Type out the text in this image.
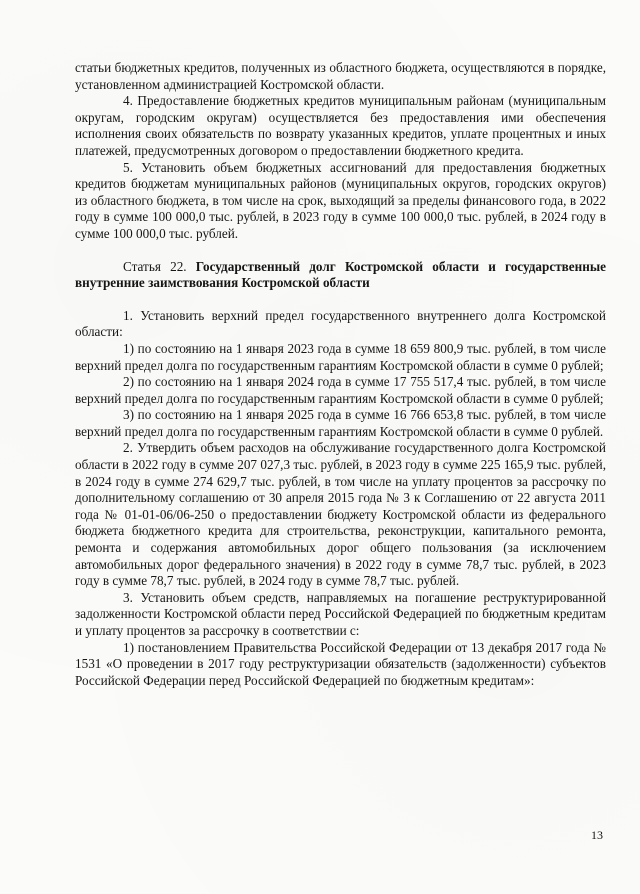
статьи бюджетных кредитов, полученных из областного бюджета, осуществляются в порядке, установленном администрацией Костромской области.

4. Предоставление бюджетных кредитов муниципальным районам (муниципальным округам, городским округам) осуществляется без предоставления ими обеспечения исполнения своих обязательств по возврату указанных кредитов, уплате процентных и иных платежей, предусмотренных договором о предоставлении бюджетного кредита.

5. Установить объем бюджетных ассигнований для предоставления бюджетных кредитов бюджетам муниципальных районов (муниципальных округов, городских округов) из областного бюджета, в том числе на срок, выходящий за пределы финансового года, в 2022 году в сумме 100 000,0 тыс. рублей, в 2023 году в сумме 100 000,0 тыс. рублей, в 2024 году в сумме 100 000,0 тыс. рублей.

Статья 22. Государственный долг Костромской области и государственные внутренние заимствования Костромской области

1. Установить верхний предел государственного внутреннего долга Костромской области:

1) по состоянию на 1 января 2023 года в сумме 18 659 800,9 тыс. рублей, в том числе верхний предел долга по государственным гарантиям Костромской области в сумме 0 рублей;

2) по состоянию на 1 января 2024 года в сумме 17 755 517,4 тыс. рублей, в том числе верхний предел долга по государственным гарантиям Костромской области в сумме 0 рублей;

3) по состоянию на 1 января 2025 года в сумме 16 766 653,8 тыс. рублей, в том числе верхний предел долга по государственным гарантиям Костромской области в сумме 0 рублей.

2. Утвердить объем расходов на обслуживание государственного долга Костромской области в 2022 году в сумме 207 027,3 тыс. рублей, в 2023 году в сумме 225 165,9 тыс. рублей, в 2024 году в сумме 274 629,7 тыс. рублей, в том числе на уплату процентов за рассрочку по дополнительному соглашению от 30 апреля 2015 года № 3 к Соглашению от 22 августа 2011 года № 01-01-06/06-250 о предоставлении бюджету Костромской области из федерального бюджета бюджетного кредита для строительства, реконструкции, капитального ремонта, ремонта и содержания автомобильных дорог общего пользования (за исключением автомобильных дорог федерального значения) в 2022 году в сумме 78,7 тыс. рублей, в 2023 году в сумме 78,7 тыс. рублей, в 2024 году в сумме 78,7 тыс. рублей.

3. Установить объем средств, направляемых на погашение реструктурированной задолженности Костромской области перед Российской Федерацией по бюджетным кредитам и уплату процентов за рассрочку в соответствии с:

1) постановлением Правительства Российской Федерации от 13 декабря 2017 года № 1531 «О проведении в 2017 году реструктуризации обязательств (задолженности) субъектов Российской Федерации перед Российской Федерацией по бюджетным кредитам»:

13
